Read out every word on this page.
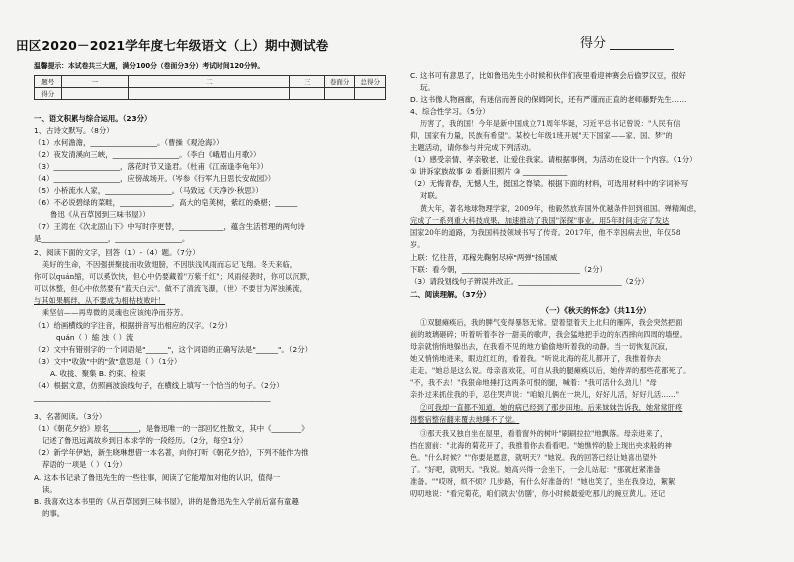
田区2020－2021学年度七年级语文（上）期中测试卷
温馨提示：本试卷共三大题，满分100分（卷面分3分）考试时间120分钟。
题号	一	二	三	卷面分	总得分
得分					
一、语文积累与综合运用。（23分）
1、古诗文默写。（8分）
（1）水何澹澹，__________________。（曹操《观沧海》）
（2）夜发清溪向三峡，__________________。（李白《峨眉山月歌》）
（3）__________________，落花时节又逢君。（杜甫《江南逢李龟年》）
（4）__________________，应傍战场开。（岑参《行军九日思长安故园》）
（5）小桥流水人家，__________________。（马致远《天净沙·秋思》）
（6）不必说碧绿的菜畦，______________，高大的皂荚树，紫红的桑椹；______
鲁迅《从百草园到三味书屋》）
（7）王湾在《次北固山下》中写时序更替，____________，蕴含生活哲理的两句诗
是__________________，__________________。
2、阅读下面的文字，回答（1）-（4）题。（7分）
美好的生命，不因强拼聚拢而收敛翅膀，不因肤浅风雨而忘记飞翔。冬天来临，
你可以quán缩，可以奚饮快，但心中仍要藏着"万紫千红"；风雨侵袭时，你可以沉默，
可以休整，但心中依然要有"蓝天白云"。做不了清流飞瀑，（世）不要甘为浑浊溪流，
与其如果羁绊，从不要成为相枯枝败叶！
乘坚信——再卑微的灵魂也应该纯净而芬芳。
（1）给画横线的字注音，根据拼音写出相应的汉字。（2分）
quán（ ）缩 浊（ ）流
（2）文中有错别字的一个词语是"______"，这个词语的正确写法是"______"。（2分）
（3）文中"收敛"中的"敛"意思是（ ）（1分）
A. 收拢、聚集 B. 约束、检束
（4）根据文意，仿照画波浪线句子，在横线上填写一个恰当的句子。（2分）
________________________________________________________________
3、名著阅读。（3分）
（1）《朝花夕拾》原名________，是鲁迅唯一的一部回忆性散文，其中《________》
记述了鲁迅远离故乡到日本求学的一段经历。（2分，每空1分）
（2）新学年伊始，新生晓琳想借一本名著，向你打听《朝花夕拾》，下列不能作为推
荐语的一项是（ ）（1分）
A. 这本书记录了鲁迅先生的一些往事，阅读了它能增加对他的认识，值得一
读。
B. 我喜欢这本书里的《从百草园到三味书屋》，讲的是鲁迅先生入学前后富有童趣
的事。
得分
C. 这书可有意思了，比如鲁迅先生小时候和伙伴们夜里看迎神赛会后偷罗汉豆，很好
玩。
D. 这书像人物画廊，有迷信而善良的保姆阿长，还有严谨而正直的老师藤野先生……
4、综合性学习。（5分）
历害了，我的国！今年是新中国成立71周年华诞，习近平总书记曾说："人民有信
仰，国家有力量，民族有希望"。某校七年级1班开展"天下国家——家、国、梦"的
主题活动，请你参与并完成下列活动。
（1）感受亲情、孝亲敬老、让爱住我家。请根据事例，为活动在设计一个内容。（1分）
① 讲诉家族故事 ② 看新旧照片 ③ ____________
（2）无悔青春，无憾人生，挺国之脊梁。根据下面的材料，可选用材料中的字词补写
对联。
黄大年，著名地球物理学家，2009年，他毅然放弃国外优越条件回到祖国。殚精竭虑，
完成了一系列重大科技成果，加速推动了我国"深探"事业。用5年时间走完了发达
国家20年的道路，为我国科技领域书写了传奇。2017年，他不幸因病去世，年仅58
岁。
上联：忆往昔，邓稼先鞠躬尽瘁"两弹"扬国威
下联：看今朝，________________________________（2分）
（3）请段划线句子辨误并改正。____________________________（2分）
二、阅读理解。（37分）
（一）《秋天的怀念》（共11分）
①双腿瘫痪后，我的脾气变得暴怒无常。望着望着天上北归的雁阵，我会突然把面
前的玻璃砸碎；听着听着李谷一甜美的歌声，我会猛地把手边的东西摔向四周的墙壁。
母亲就悄悄地躲出去，在我看不见的地方偷偷地听着我的动静。当一切恢复沉寂，
她又悄悄地进来，眼边红红的，看着我。"听说北海的花儿都开了，我推着你去
走走。"她总是这么说。母亲喜欢花，可自从我的腿瘫痪以后，她侍弄的那些花都死了。
"不，我不去！"我狠命地捶打这两条可恨的腿，喊着："我可活什么劲儿！"母
亲扑过来抓住我的手，忍住哭声说："咱娘儿俩在一块儿，好好儿活，好好儿活……"
②可我却一直都不知道，她的病已经到了那步田地。后来妹妹告诉我，她常常肝疼
得整宿整宿翻来覆去地睡不了觉。
③那天我又独自坐在屋里，看着窗外的树叶"刷刷拉拉"地飘落。母亲进来了，
挡在窗前："北海的菊花开了，我推着你去看看吧。"她憔悴的脸上现出央求般的神
色。"什么时候？""你要是愿意，就明天？"她说。我的回答已经让她喜出望外
了。"好吧，就明天。"我说。她高兴得一会坐下，一会儿站起："那就赶紧准备
准备。""哎呀，烦不烦？几步路，有什么好准备的！"她也笑了，坐在我身边，絮絮
叨叨地说："看完菊花，咱们就去'仿膳'，你小时候最爱吃那儿的豌豆黄儿。还记
